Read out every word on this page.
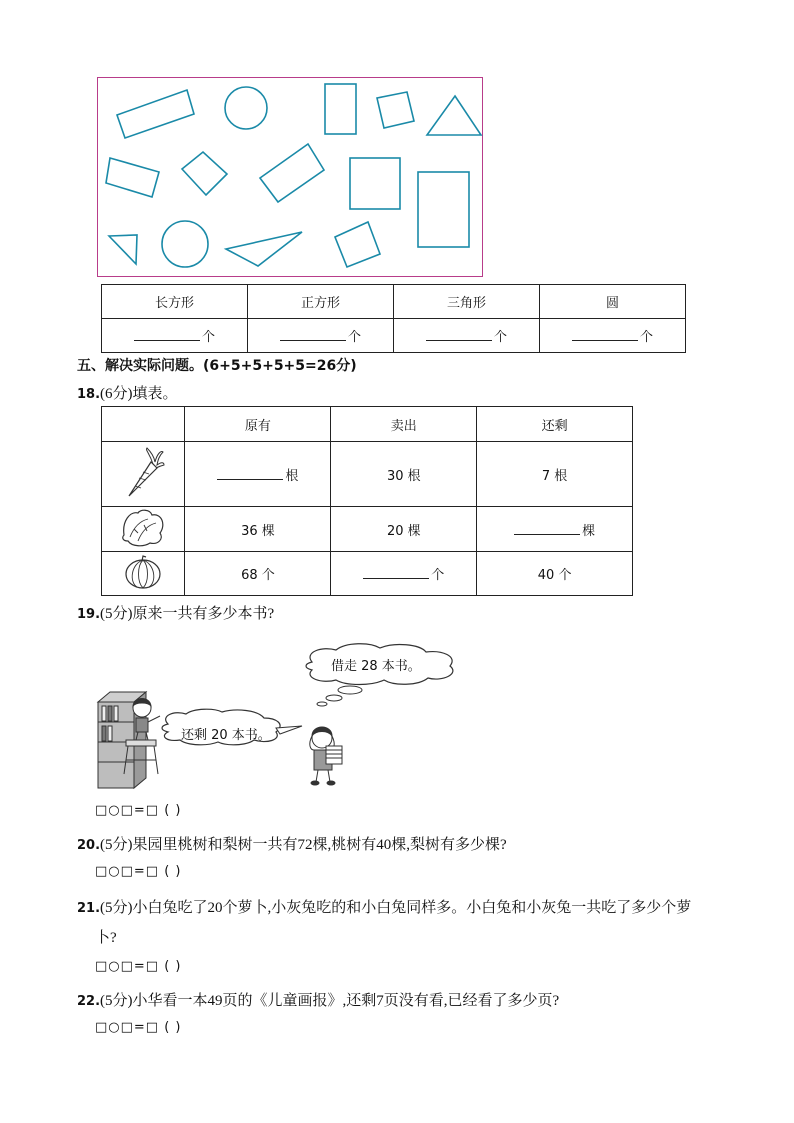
长方形	正方形	三角形	圆
个	个	个	个
五、解决实际问题。(6+5+5+5+5=26分)
18.(6分)填表。
	原有	卖出	还剩
	根	30 根	7 根
	36 棵	20 棵	棵
	68 个	个	40 个
19.(5分)原来一共有多少本书?
借走 28 本书。
还剩 20 本书。
□○□=□ ( )
20.(5分)果园里桃树和梨树一共有72棵,桃树有40棵,梨树有多少棵?
□○□=□ ( )
21.(5分)小白兔吃了20个萝卜,小灰兔吃的和小白兔同样多。小白兔和小灰兔一共吃了多少个萝
卜?
□○□=□ ( )
22.(5分)小华看一本49页的《儿童画报》,还剩7页没有看,已经看了多少页?
□○□=□ ( )
